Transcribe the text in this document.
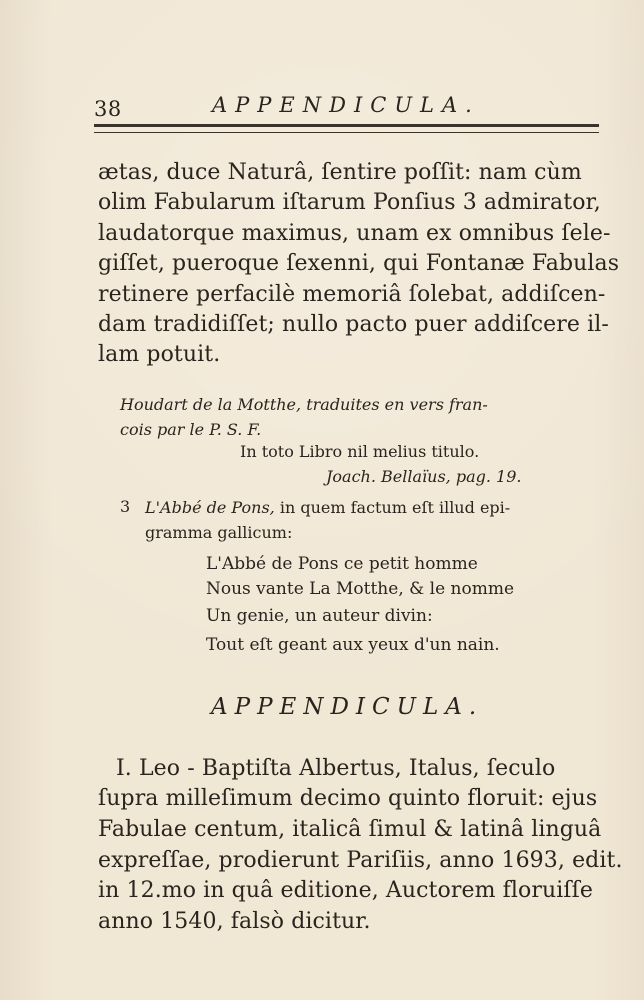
38	APPENDICULA.
ætas, duce Naturâ, ſentire poſſit: nam cùm
olim Fabularum iſtarum Ponſius 3 admirator,
laudatorque maximus, unam ex omnibus ſele-
giſſet, pueroque ſexenni, qui Fontanæ Fabulas
retinere perfacilè memoriâ ſolebat, addiſcen-
dam tradidiſſet; nullo pacto puer addiſcere il-
lam potuit.
Houdart de la Motthe, traduites en vers fran-
cois par le P. S. F.
In toto Libro nil melius titulo.
Joach. Bellaïus, pag. 19.
3 L'Abbé de Pons, in quem factum eſt illud epi-
gramma gallicum:
L'Abbé de Pons ce petit homme
Nous vante La Motthe, & le nomme
Un genie, un auteur divin:
Tout eſt geant aux yeux d'un nain.
APPENDICULA.
I. Leo - Baptiſta Albertus, Italus, ſeculo
ſupra milleſimum decimo quinto floruit: ejus
Fabulae centum, italicâ ſimul & latinâ linguâ
expreſſae, prodierunt Pariſiis, anno 1693, edit.
in 12.mo in quâ editione, Auctorem floruiſſe
anno 1540, falsò dicitur.
